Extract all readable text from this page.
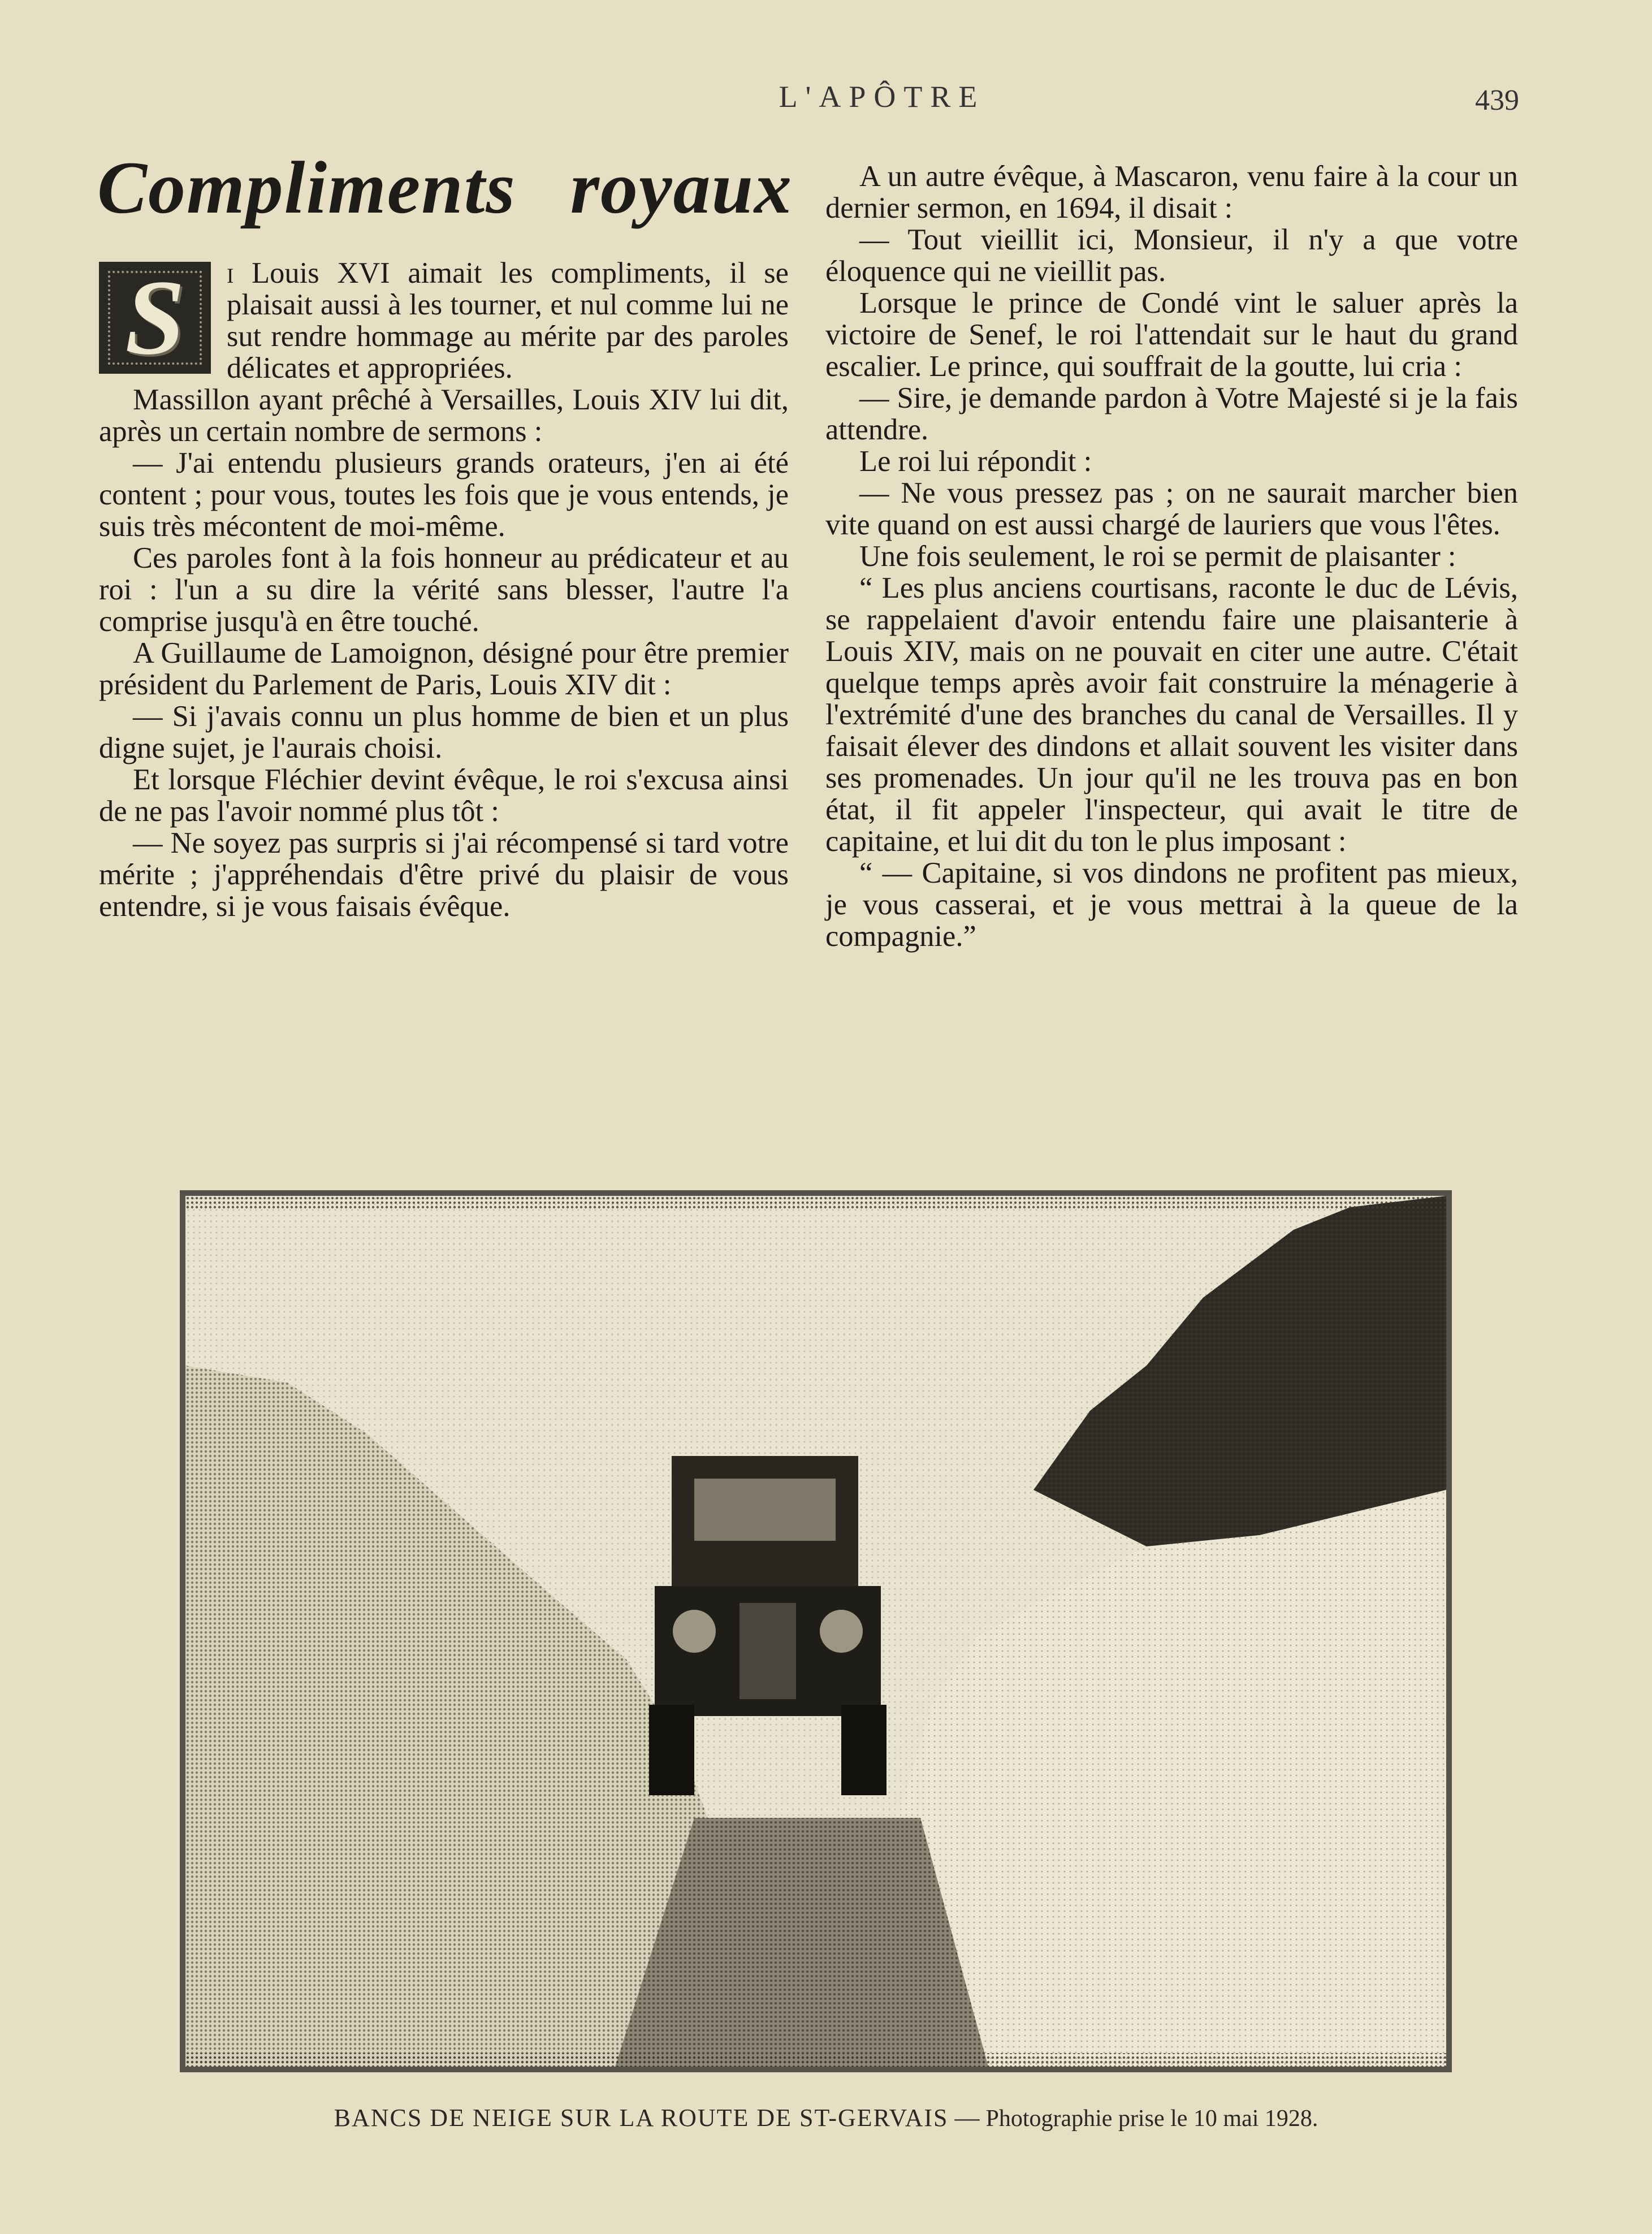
L'APÔTRE	439
Compliments royaux
S	i Louis XVI aimait les compliments, il se plaisait aussi à les tourner, et nul comme lui ne sut rendre hommage au mérite par des paroles délicates et appropriées.

Massillon ayant prêché à Versailles, Louis XIV lui dit, après un certain nombre de sermons :

— J'ai entendu plusieurs grands orateurs, j'en ai été content ; pour vous, toutes les fois que je vous entends, je suis très mécontent de moi-même.

Ces paroles font à la fois honneur au prédicateur et au roi : l'un a su dire la vérité sans blesser, l'autre l'a comprise jusqu'à en être touché.

A Guillaume de Lamoignon, désigné pour être premier président du Parlement de Paris, Louis XIV dit :

— Si j'avais connu un plus homme de bien et un plus digne sujet, je l'aurais choisi.

Et lorsque Fléchier devint évêque, le roi s'excusa ainsi de ne pas l'avoir nommé plus tôt :

— Ne soyez pas surpris si j'ai récompensé si tard votre mérite ; j'appréhendais d'être privé du plaisir de vous entendre, si je vous faisais évêque.

A un autre évêque, à Mascaron, venu faire à la cour un dernier sermon, en 1694, il disait :

— Tout vieillit ici, Monsieur, il n'y a que votre éloquence qui ne vieillit pas.

Lorsque le prince de Condé vint le saluer après la victoire de Senef, le roi l'attendait sur le haut du grand escalier. Le prince, qui souffrait de la goutte, lui cria :

— Sire, je demande pardon à Votre Majesté si je la fais attendre.

Le roi lui répondit :

— Ne vous pressez pas ; on ne saurait marcher bien vite quand on est aussi chargé de lauriers que vous l'êtes.

Une fois seulement, le roi se permit de plaisanter :

“ Les plus anciens courtisans, raconte le duc de Lévis, se rappelaient d'avoir entendu faire une plaisanterie à Louis XIV, mais on ne pouvait en citer une autre. C'était quelque temps après avoir fait construire la ménagerie à l'extrémité d'une des branches du canal de Versailles. Il y faisait élever des dindons et allait souvent les visiter dans ses promenades. Un jour qu'il ne les trouva pas en bon état, il fit appeler l'inspecteur, qui avait le titre de capitaine, et lui dit du ton le plus imposant :

“ — Capitaine, si vos dindons ne profitent pas mieux, je vous casserai, et je vous mettrai à la queue de la compagnie.”

BANCS DE NEIGE SUR LA ROUTE DE ST-GERVAIS — Photographie prise le 10 mai 1928.
